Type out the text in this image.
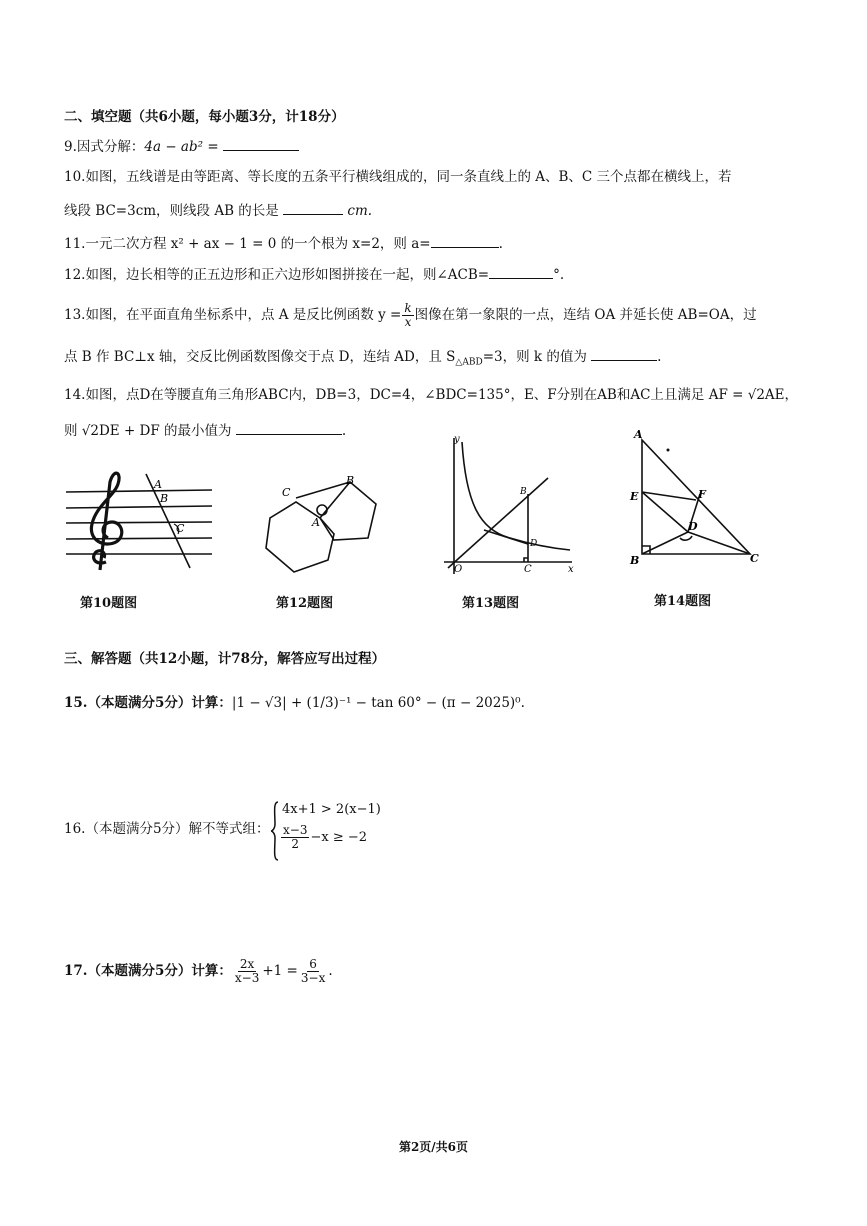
二、填空题（共6小题，每小题3分，计18分）
9.因式分解：4a − ab² =
10.如图，五线谱是由等距离、等长度的五条平行横线组成的，同一条直线上的 A、B、C 三个点都在横线上，若
线段 BC=3cm，则线段 AB 的长是	cm.
11.一元二次方程 x² + ax − 1 = 0 的一个根为 x=2，则 a=	.
12.如图，边长相等的正五边形和正六边形如图拼接在一起，则∠ACB=	°.
13.如图，在平面直角坐标系中，点 A 是反比例函数 $y = \frac{k}{x}$ 图像在第一象限的一点，连结 OA 并延长使 AB=OA，过
点 B 作 BC⊥x 轴，交反比例函数图像交于点 D，连结 AD，且 $S_{\triangle ABD}=3$，则 k 的值为	.
14.如图，点D在等腰直角三角形ABC内，DB=3，DC=4，∠BDC=135°，E、F分别在AB和AC上且满足 AF = √2AE，
则 √2DE + DF 的最小值为	.
A
B
C
C
B
A
y
x
O
B
D
C
A
E	F
D
B	C
第10题图	第12题图	第13题图	第14题图
三、解答题（共12小题，计78分，解答应写出过程）
15.（本题满分5分）计算：|1 − √3| + (1/3)⁻¹ − tan 60° − (π − 2025)⁰.
16.（本题满分5分）解不等式组：
4x+1 > 2(x−1)
$\frac{x-3}{2} -x \ge -2$
17.（本题满分5分）计算： $\frac{2x}{x-3} +1 = \frac{6}{3-x}$ .
第2页/共6页
